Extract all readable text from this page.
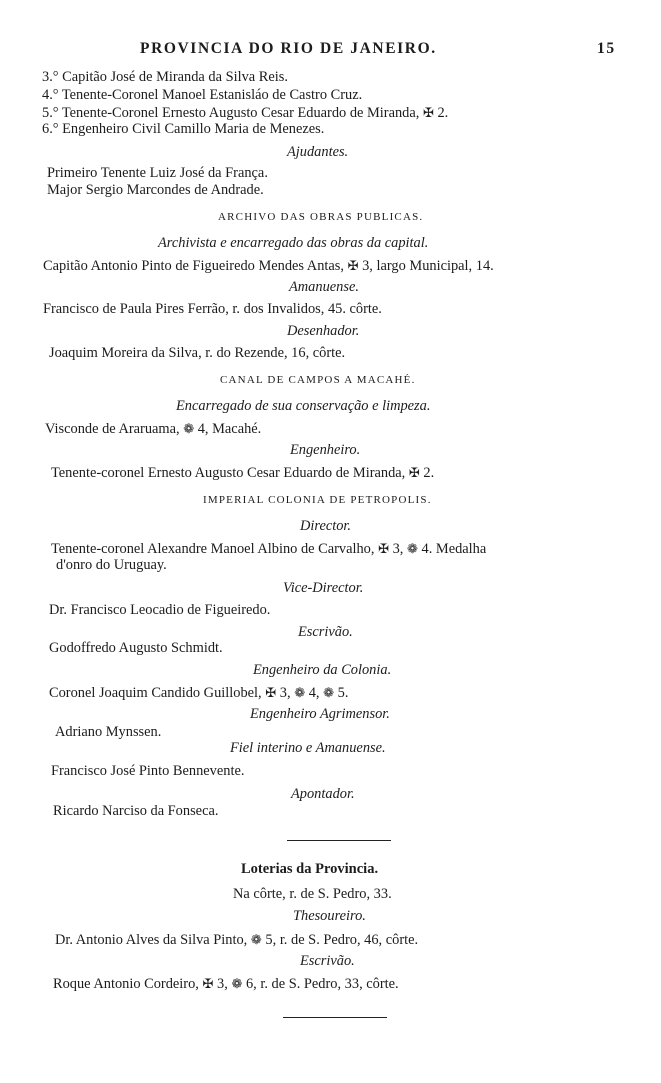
PROVINCIA DO RIO DE JANEIRO.	15
3.° Capitão José de Miranda da Silva Reis.
4.° Tenente-Coronel Manoel Estanisláo de Castro Cruz.
5.° Tenente-Coronel Ernesto Augusto Cesar Eduardo de Miranda, ✠ 2.
6.° Engenheiro Civil Camillo Maria de Menezes.
Ajudantes.
Primeiro Tenente Luiz José da França.
Major Sergio Marcondes de Andrade.
ARCHIVO DAS OBRAS PUBLICAS.
Archivista e encarregado das obras da capital.
Capitão Antonio Pinto de Figueiredo Mendes Antas, ✠ 3, largo Municipal, 14.
Amanuense.
Francisco de Paula Pires Ferrão, r. dos Invalidos, 45. côrte.
Desenhador.
Joaquim Moreira da Silva, r. do Rezende, 16, côrte.
CANAL DE CAMPOS A MACAHÉ.
Encarregado de sua conservação e limpeza.
Visconde de Araruama, ❁ 4, Macahé.
Engenheiro.
Tenente-coronel Ernesto Augusto Cesar Eduardo de Miranda, ✠ 2.
IMPERIAL COLONIA DE PETROPOLIS.
Director.
Tenente-coronel Alexandre Manoel Albino de Carvalho, ✠ 3, ❁ 4. Medalha
d'onro do Uruguay.
Vice-Director.
Dr. Francisco Leocadio de Figueiredo.
Escrivão.
Godoffredo Augusto Schmidt.
Engenheiro da Colonia.
Coronel Joaquim Candido Guillobel, ✠ 3, ❁ 4, ❁ 5.
Engenheiro Agrimensor.
Adriano Mynssen.
Fiel interino e Amanuense.
Francisco José Pinto Bennevente.
Apontador.
Ricardo Narciso da Fonseca.
Loterias da Provincia.
Na côrte, r. de S. Pedro, 33.
Thesoureiro.
Dr. Antonio Alves da Silva Pinto, ❁ 5, r. de S. Pedro, 46, côrte.
Escrivão.
Roque Antonio Cordeiro, ✠ 3, ❁ 6, r. de S. Pedro, 33, côrte.
